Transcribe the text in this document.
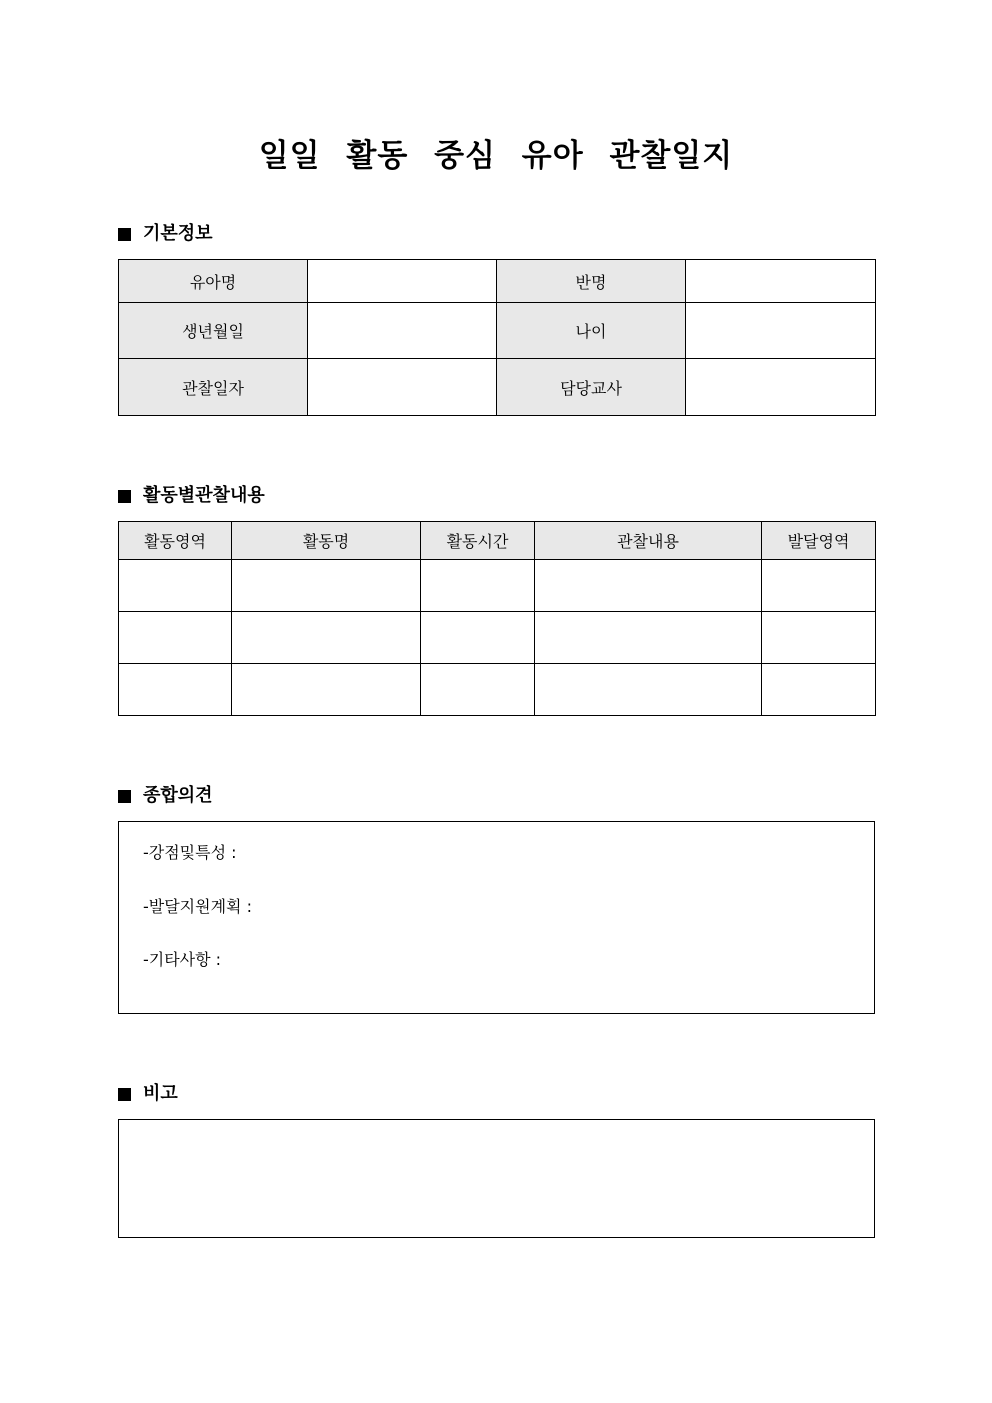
일일 활동 중심 유아 관찰일지
기본정보
유아명		반명	
생년월일		나이	
관찰일자		담당교사	
활동별관찰내용
활동영역	활동명	활동시간	관찰내용	발달영역

종합의견
-강점및특성 :
-발달지원계획 :
-기타사항 :
비고
